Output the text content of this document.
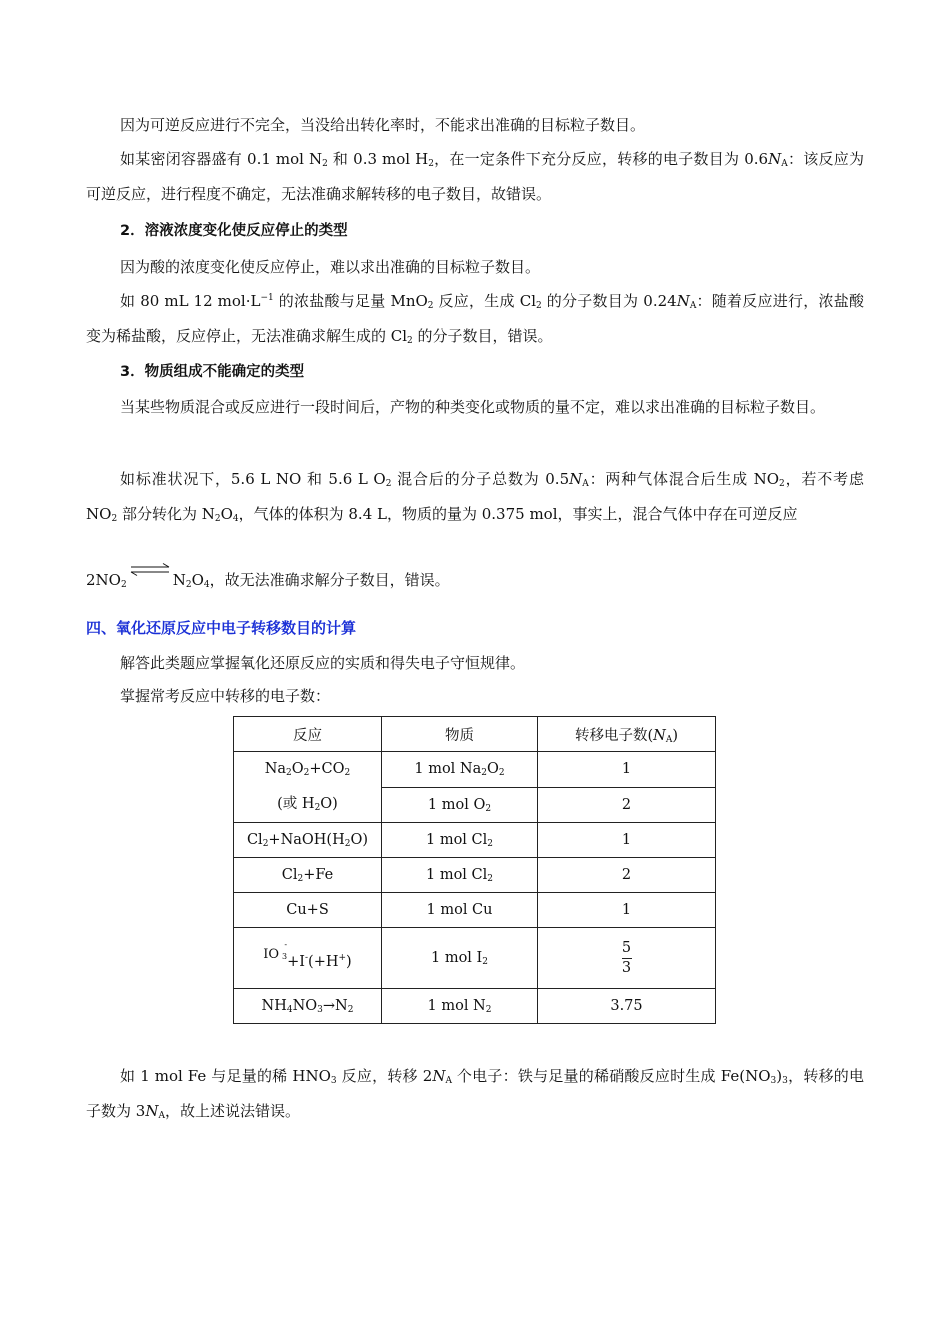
因为可逆反应进行不完全，当没给出转化率时，不能求出准确的目标粒子数目。
如某密闭容器盛有 0.1 mol $N_2$ 和 0.3 mol $H_2$，在一定条件下充分反应，转移的电子数目为 $0.6N_A$：该反应为可逆反应，进行程度不确定，无法准确求解转移的电子数目，故错误。
2．溶液浓度变化使反应停止的类型
因为酸的浓度变化使反应停止，难以求出准确的目标粒子数目。
如 80 mL 12 $mol\cdot L^{-1}$ 的浓盐酸与足量 MnO$_2$ 反应，生成 $Cl_2$ 的分子数目为 $0.24N_A$：随着反应进行，浓盐酸变为稀盐酸，反应停止，无法准确求解生成的 $Cl_2$ 的分子数目，错误。
3．物质组成不能确定的类型
当某些物质混合或反应进行一段时间后，产物的种类变化或物质的量不定，难以求出准确的目标粒子数目。
如标准状况下，5.6 L NO 和 5.6 L $O_2$ 混合后的分子总数为 $0.5N_A$：两种气体混合后生成 $NO_2$，若不考虑 $NO_2$ 部分转化为 $N_2O_4$，气体的体积为 8.4 L，物质的量为 0.375 mol，事实上，混合气体中存在可逆反应
$2NO_2$	$N_2O_4$，故无法准确求解分子数目，错误。
四、氧化还原反应中电子转移数目的计算
解答此类题应掌握氧化还原反应的实质和得失电子守恒规律。
掌握常考反应中转移的电子数：
反应	物质	转移电子数$(N_A)$

$Na_2O_2+CO_2$
(或 $H_2O$)	1 mol $Na_2O_2$	1
	1 mol $O_2$	2
$Cl_2+NaOH(H_2O)$	1 mol $Cl_2$	1
$Cl_2+Fe$	1 mol $Cl_2$	2
Cu+S	1 mol Cu	1
IO
-
3 +I-(+H+)	1 mol $I_2$	$\frac{5}{3}$

$NH_4NO_3\to N_2$	1 mol $N_2$	3.75
如 1 mol Fe 与足量的稀 $HNO_3$ 反应，转移 $2N_A$ 个电子：铁与足量的稀硝酸反应时生成 $Fe(NO_3)_3$，转移的电子数为 $3N_A$，故上述说法错误。
